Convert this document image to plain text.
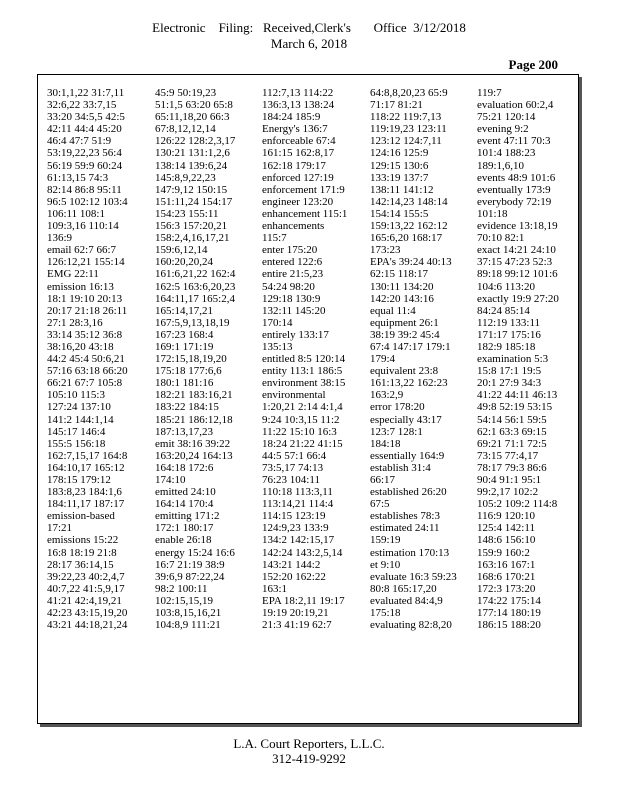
Electronic    Filing:   Received,Clerk's       Office  3/12/2018
March 6, 2018
Page 200
30:1,1,22 31:7,11
32:6,22 33:7,15
33:20 34:5,5 42:5
42:11 44:4 45:20
46:4 47:7 51:9
53:19,22,23 56:4
56:19 59:9 60:24
61:13,15 74:3
82:14 86:8 95:11
96:5 102:12 103:4
106:11 108:1
109:3,16 110:14
136:9
email 62:7 66:7
126:12,21 155:14
EMG 22:11
emission 16:13
18:1 19:10 20:13
20:17 21:18 26:11
27:1 28:3,16
33:14 35:12 36:8
38:16,20 43:18
44:2 45:4 50:6,21
57:16 63:18 66:20
66:21 67:7 105:8
105:10 115:3
127:24 137:10
141:2 144:1,14
145:17 146:4
155:5 156:18
162:7,15,17 164:8
164:10,17 165:12
178:15 179:12
183:8,23 184:1,6
184:11,17 187:17
emission-based
17:21
emissions 15:22
16:8 18:19 21:8
28:17 36:14,15
39:22,23 40:2,4,7
40:7,22 41:5,9,17
41:21 42:4,19,21
42:23 43:15,19,20
43:21 44:18,21,24
45:9 50:19,23
51:1,5 63:20 65:8
65:11,18,20 66:3
67:8,12,12,14
126:22 128:2,3,17
130:21 131:1,2,6
138:14 139:6,24
145:8,9,22,23
147:9,12 150:15
151:11,24 154:17
154:23 155:11
156:3 157:20,21
158:2,4,16,17,21
159:6,12,14
160:20,20,24
161:6,21,22 162:4
162:5 163:6,20,23
164:11,17 165:2,4
165:14,17,21
167:5,9,13,18,19
167:23 168:4
169:1 171:19
172:15,18,19,20
175:18 177:6,6
180:1 181:16
182:21 183:16,21
183:22 184:15
185:21 186:12,18
187:13,17,23
emit 38:16 39:22
163:20,24 164:13
164:18 172:6
174:10
emitted 24:10
164:14 170:4
emitting 171:2
172:1 180:17
enable 26:18
energy 15:24 16:6
16:7 21:19 38:9
39:6,9 87:22,24
98:2 100:11
102:15,15,19
103:8,15,16,21
104:8,9 111:21
112:7,13 114:22
136:3,13 138:24
184:24 185:9
Energy's 136:7
enforceable 67:4
161:15 162:8,17
162:18 179:17
enforced 127:19
enforcement 171:9
engineer 123:20
enhancement 115:1
enhancements
115:7
enter 175:20
entered 122:6
entire 21:5,23
54:24 98:20
129:18 130:9
132:11 145:20
170:14
entirely 133:17
135:13
entitled 8:5 120:14
entity 113:1 186:5
environment 38:15
environmental
1:20,21 2:14 4:1,4
9:24 10:3,15 11:2
11:22 15:10 16:3
18:24 21:22 41:15
44:5 57:1 66:4
73:5,17 74:13
76:23 104:11
110:18 113:3,11
113:14,21 114:4
114:15 123:19
124:9,23 133:9
134:2 142:15,17
142:24 143:2,5,14
143:21 144:2
152:20 162:22
163:1
EPA 18:2,11 19:17
19:19 20:19,21
21:3 41:19 62:7
64:8,8,20,23 65:9
71:17 81:21
118:22 119:7,13
119:19,23 123:11
123:12 124:7,11
124:16 125:9
129:15 130:6
133:19 137:7
138:11 141:12
142:14,23 148:14
154:14 155:5
159:13,22 162:12
165:6,20 168:17
173:23
EPA's 39:24 40:13
62:15 118:17
130:11 134:20
142:20 143:16
equal 11:4
equipment 26:1
38:19 39:2 45:4
67:4 147:17 179:1
179:4
equivalent 23:8
161:13,22 162:23
163:2,9
error 178:20
especially 43:17
123:7 128:1
184:18
essentially 164:9
establish 31:4
66:17
established 26:20
67:5
establishes 78:3
estimated 24:11
159:19
estimation 170:13
et 9:10
evaluate 16:3 59:23
80:8 165:17,20
evaluated 84:4,9
175:18
evaluating 82:8,20
119:7
evaluation 60:2,4
75:21 120:14
evening 9:2
event 47:11 70:3
101:4 188:23
189:1,6,10
events 48:9 101:6
eventually 173:9
everybody 72:19
101:18
evidence 13:18,19
70:10 82:1
exact 14:21 24:10
37:15 47:23 52:3
89:18 99:12 101:6
104:6 113:20
exactly 19:9 27:20
84:24 85:14
112:19 133:11
171:17 175:16
182:9 185:18
examination 5:3
15:8 17:1 19:5
20:1 27:9 34:3
41:22 44:11 46:13
49:8 52:19 53:15
54:14 56:1 59:5
62:1 63:3 69:15
69:21 71:1 72:5
73:15 77:4,17
78:17 79:3 86:6
90:4 91:1 95:1
99:2,17 102:2
105:2 109:2 114:8
116:9 120:10
125:4 142:11
148:6 156:10
159:9 160:2
163:16 167:1
168:6 170:21
172:3 173:20
174:22 175:14
177:14 180:19
186:15 188:20
L.A. Court Reporters, L.L.C.
312-419-9292
